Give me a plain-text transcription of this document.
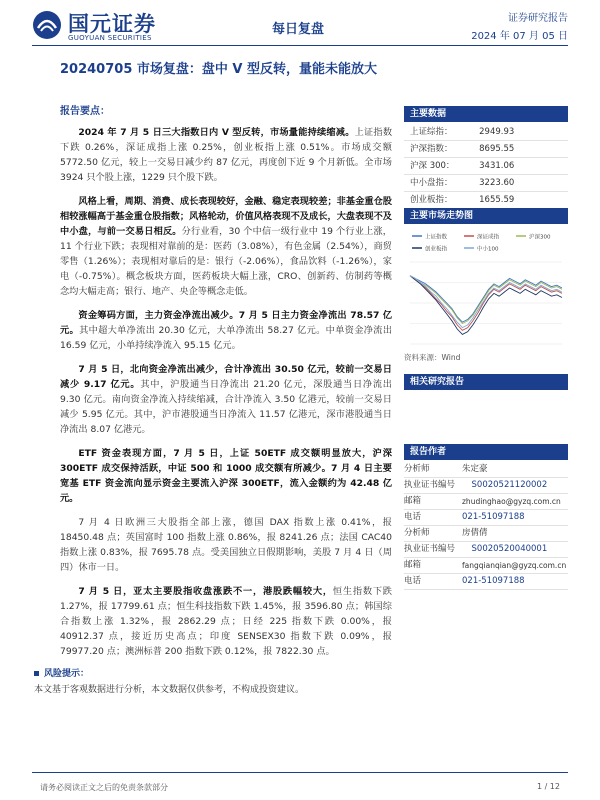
国元证券
GUOYUAN SECURITIES
每日复盘
证券研究报告
2024 年 07 月 05 日
20240705 市场复盘：盘中 V 型反转，量能未能放大
报告要点：

2024 年 7 月 5 日三大指数日内 V 型反转，市场量能持续缩减。上证指数下跌 0.26%，深证成指上涨 0.25%，创业板指上涨 0.51%。市场成交额 5772.50 亿元，较上一交易日减少约 87 亿元，再度创下近 9 个月新低。全市场 3924 只个股上涨，1229 只个股下跌。

风格上看，周期、消费、成长表现较好，金融、稳定表现较差；非基金重仓股相较涨幅高于基金重仓股指数；风格轮动，价值风格表现不及成长，大盘表现不及中小盘，与前一交易日相反。分行业看，30 个中信一级行业中 19 个行业上涨，11 个行业下跌；表现相对靠前的是：医药（3.08%），有色金属（2.54%），商贸零售（1.26%）；表现相对靠后的是：银行（-2.06%），食品饮料（-1.26%），家电（-0.75%）。概念板块方面，医药板块大幅上涨，CRO、创新药、仿制药等概念均大幅走高；银行、地产、央企等概念走低。

资金筹码方面，主力资金净流出减少。7 月 5 日主力资金净流出 78.57 亿元。其中超大单净流出 20.30 亿元，大单净流出 58.27 亿元。中单资金净流出 16.59 亿元，小单持续净流入 95.15 亿元。

7 月 5 日，北向资金净流出减少，合计净流出 30.50 亿元，较前一交易日减少 9.17 亿元。其中，沪股通当日净流出 21.20 亿元，深股通当日净流出 9.30 亿元。南向资金净流入持续缩减，合计净流入 3.50 亿港元，较前一交易日减少 5.95 亿元。其中，沪市港股通当日净流入 11.57 亿港元，深市港股通当日净流出 8.07 亿港元。

ETF 资金表现方面，7 月 5 日，上证 50ETF 成交额明显放大，沪深 300ETF 成交保持活跃，中证 500 和 1000 成交额有所减少。7 月 4 日主要宽基 ETF 资金流向显示资金主要流入沪深 300ETF，流入金额约为 42.48 亿元。

7 月 4 日欧洲三大股指全部上涨，德国 DAX 指数上涨 0.41%，报 18450.48 点；英国富时 100 指数上涨 0.86%，报 8241.26 点；法国 CAC40 指数上涨 0.83%，报 7695.78 点。受美国独立日假期影响，美股 7 月 4 日（周四）休市一日。

7 月 5 日，亚太主要股指收盘涨跌不一，港股跌幅较大，恒生指数下跌 1.27%，报 17799.61 点；恒生科技指数下跌 1.45%，报 3596.80 点；韩国综合指数上涨 1.32%，报 2862.29 点；日经 225 指数下跌 0.00%，报 40912.37 点，接近历史高点；印度 SENSEX30 指数下跌 0.09%，报 79977.20 点；澳洲标普 200 指数下跌 0.12%，报 7822.30 点。

主要数据
上证综指：	2949.93
沪深指数：	8695.55
沪深 300：	3431.06
中小盘指：	3223.60
创业板指：	1655.59
主要市场走势图
上证指数	深证成指	沪深300
创业板指	中小100
资料来源：Wind
相关研究报告
报告作者
分析师	朱定豪
执业证书编号	S0020521120002
邮箱	zhudinghao@gyzq.com.cn
电话	021-51097188
分析师	房倩倩
执业证书编号	S0020520040001
邮箱	fangqianqian@gyzq.com.cn
电话	021-51097188
风险提示：
本文基于客观数据进行分析，本文数据仅供参考，不构成投资建议。
请务必阅读正文之后的免责条款部分	1 / 12
